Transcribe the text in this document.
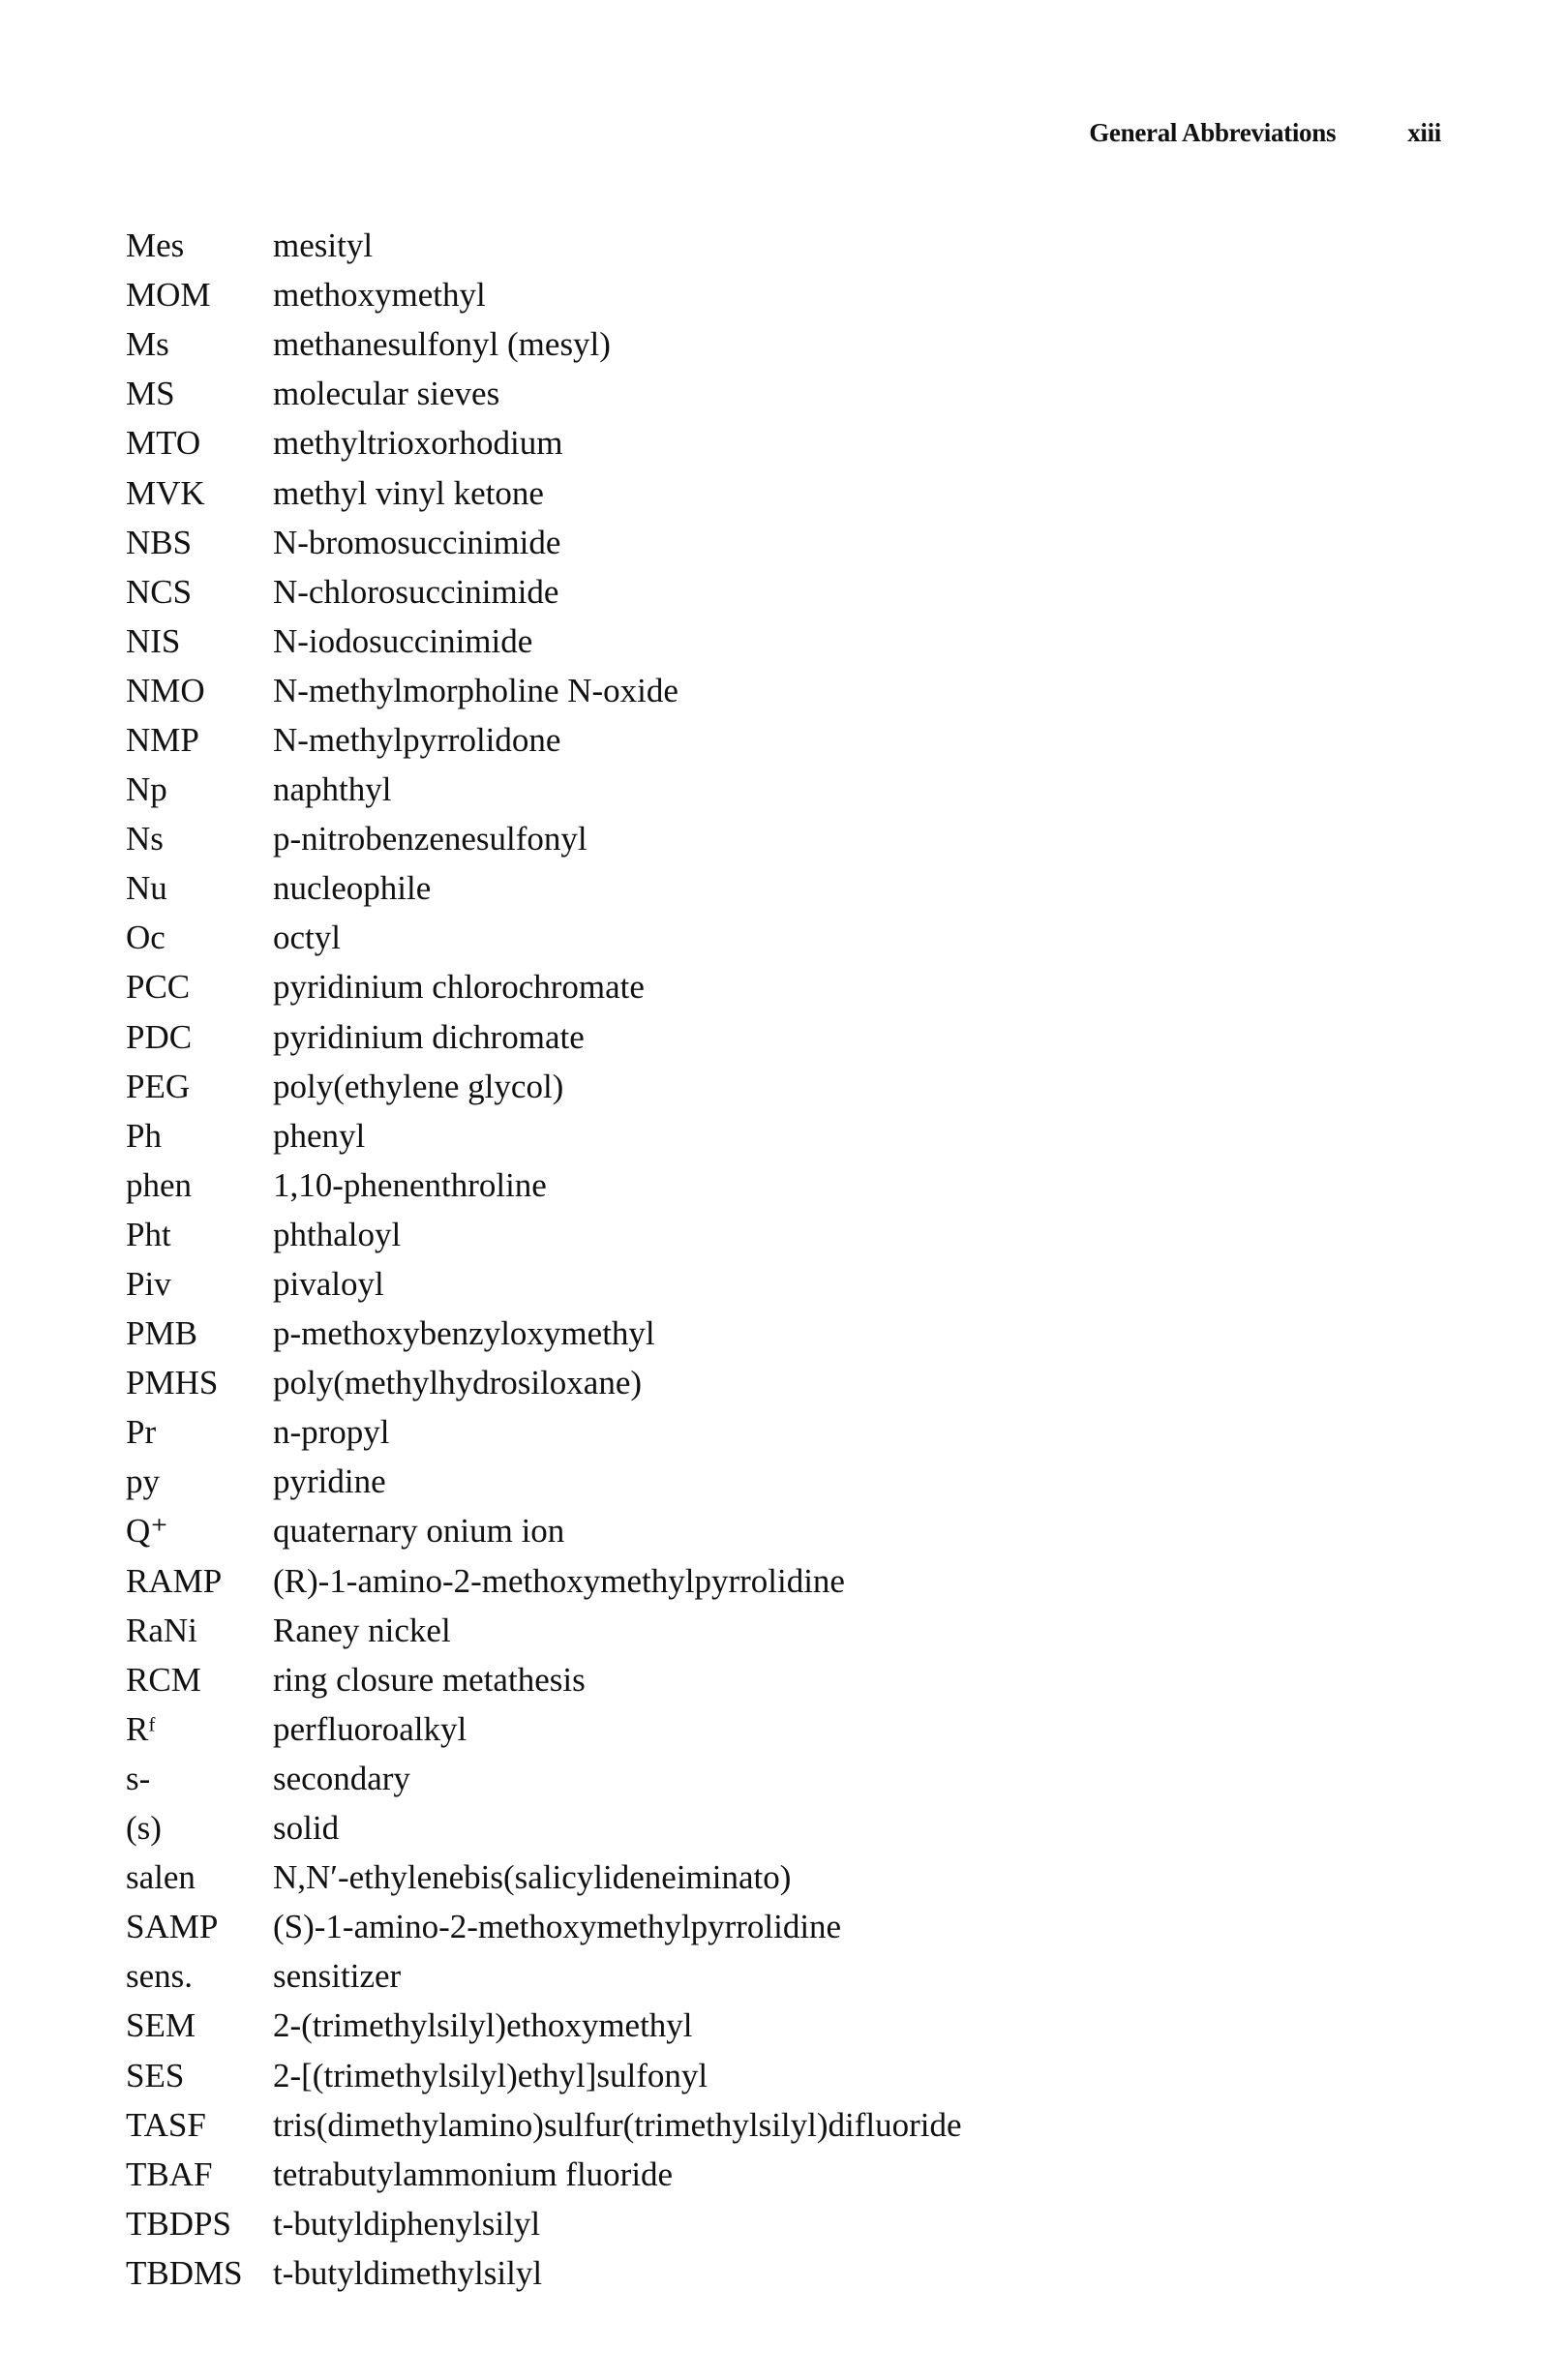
General Abbreviations	xiii
Mes	mesityl
MOM	methoxymethyl
Ms	methanesulfonyl (mesyl)
MS	molecular sieves
MTO	methyltrioxorhodium
MVK	methyl vinyl ketone
NBS	N-bromosuccinimide
NCS	N-chlorosuccinimide
NIS	N-iodosuccinimide
NMO	N-methylmorpholine N-oxide
NMP	N-methylpyrrolidone
Np	naphthyl
Ns	p-nitrobenzenesulfonyl
Nu	nucleophile
Oc	octyl
PCC	pyridinium chlorochromate
PDC	pyridinium dichromate
PEG	poly(ethylene glycol)
Ph	phenyl
phen	1,10-phenenthroline
Pht	phthaloyl
Piv	pivaloyl
PMB	p-methoxybenzyloxymethyl
PMHS	poly(methylhydrosiloxane)
Pr	n-propyl
py	pyridine
Q⁺	quaternary onium ion
RAMP	(R)-1-amino-2-methoxymethylpyrrolidine
RaNi	Raney nickel
RCM	ring closure metathesis
Rᶠ	perfluoroalkyl
s-	secondary
(s)	solid
salen	N,N′-ethylenebis(salicylideneiminato)
SAMP	(S)-1-amino-2-methoxymethylpyrrolidine
sens.	sensitizer
SEM	2-(trimethylsilyl)ethoxymethyl
SES	2-[(trimethylsilyl)ethyl]sulfonyl
TASF	tris(dimethylamino)sulfur(trimethylsilyl)difluoride
TBAF	tetrabutylammonium fluoride
TBDPS	t-butyldiphenylsilyl
TBDMS t-butyldimethylsilyl
